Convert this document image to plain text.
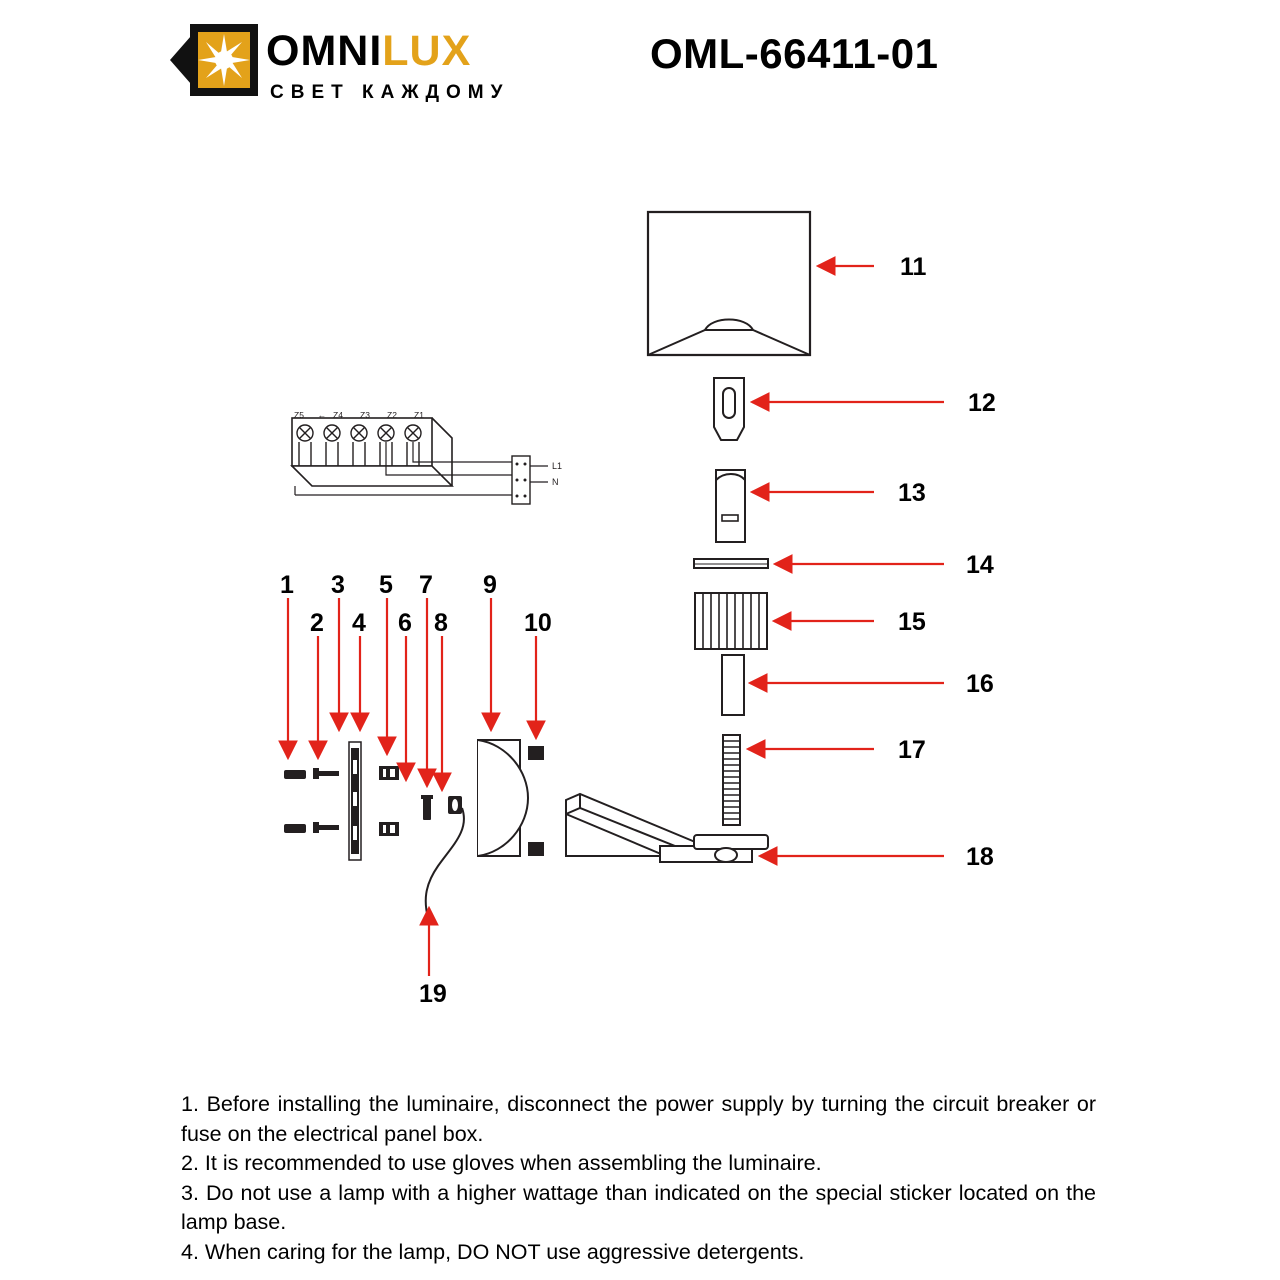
OMNILUX
СВЕТ КАЖДОМУ
OML-66411-01
Z5 ← Z4 Z3 Z2 Z1
L1
N
11
12
13
14
15
16
17
18
1
2
3
4
5
6
7
8
9
10
19

1. Before installing the luminaire, disconnect the power supply by turning the circuit breaker or fuse on the electrical panel box.

2. It is recommended to use gloves when assembling the luminaire.

3. Do not use a lamp with a higher wattage than indicated on the special sticker located on the lamp base.

4. When caring for the lamp, DO NOT use aggressive detergents.
